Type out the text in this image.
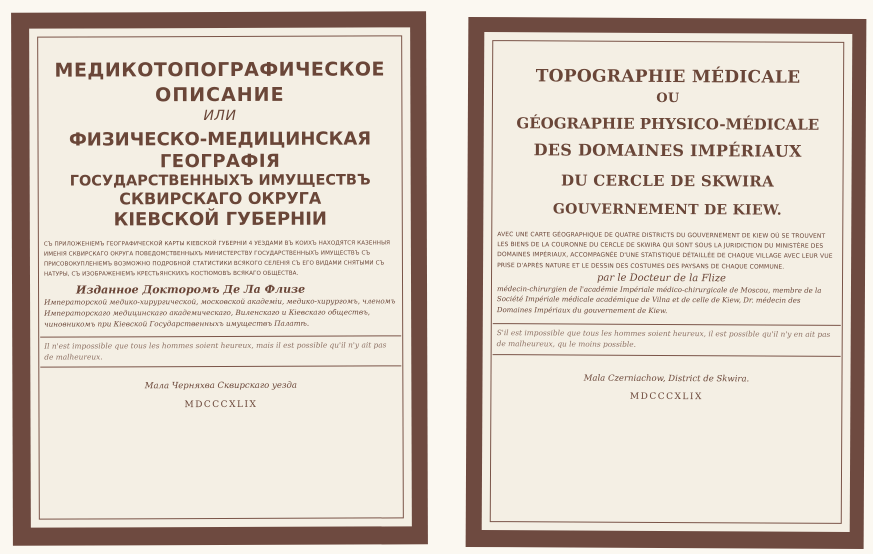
МЕДИКОТОПОГРАФИЧЕСКОЕ

ОПИСАНИЕ

ИЛИ

ФИЗИЧЕСКО-МЕДИЦИНСКАЯ

ГЕОГРАФІЯ

ГОСУДАРСТВЕННЫХЪ ИМУЩЕСТВЪ

СКВИРСКАГО ОКРУГА

КІЕВСКОЙ ГУБЕРНІИ

СЪ ПРИЛОЖЕНІЕМЪ ГЕОГРАФИЧЕСКОЙ КАРТЫ КІЕВСКОЙ ГУБЕРНІИ 4 УЕЗДАМИ ВЪ КОИХЪ НАХОДЯТСЯ КАЗЕННЫЯ ИМЕНІЯ СКВИРСКАГО ОКРУГА ПОВЕДОМСТВЕННЫХЪ МИНИСТЕРСТВУ ГОСУДАРСТВЕННЫХЪ ИМУЩЕСТВЪ СЪ ПРИСОВОКУПЛЕНІЕМЪ ВОЗМОЖНО ПОДРОБНОЙ СТАТИСТИКИ ВСЯКОГО СЕЛЕНІЯ СЪ ЕГО ВИДАМИ СНЯТЫМИ СЪ НАТУРЫ, СЪ ИЗОБРАЖЕНІЕМЪ КРЕСТЬЯНСКИХЪ КОСТЮМОВЪ ВСЯКАГО ОБЩЕСТВА.

Изданное Докторомъ Де Ла Флизе

Императорской медико-хирургической, московской академіи, медико-хирургомъ, членомъ Императорскаго медицинскаго академическаго, Виленскаго и Кіевскаго обществъ, чиновникомъ при Кіевской Государственныхъ имуществъ Палатѣ.

Il n'est impossible que tous les hommes soient heureux, mais il est possible qu'il n'y ait pas de malheureux.

Мала Черняхва Сквирскаго уезда

MDCCCXLIX

TOPOGRAPHIE MÉDICALE

OU

GÉOGRAPHIE PHYSICO-MÉDICALE

DES DOMAINES IMPÉRIAUX

DU CERCLE DE SKWIRA

GOUVERNEMENT DE KIEW.

AVEC UNE CARTE GÉOGRAPHIQUE DE QUATRE DISTRICTS DU GOUVERNEMENT DE KIEW OÙ SE TROUVENT LES BIENS DE LA COURONNE DU CERCLE DE SKWIRA QUI SONT SOUS LA JURIDICTION DU MINISTÈRE DES DOMAINES IMPÉRIAUX, ACCOMPAGNÉE D'UNE STATISTIQUE DÉTAILLÉE DE CHAQUE VILLAGE AVEC LEUR VUE PRISE D'APRÈS NATURE ET LE DESSIN DES COSTUMES DES PAYSANS DE CHAQUE COMMUNE.

par le Docteur de la Flize

médecin-chirurgien de l'académie Impériale médico-chirurgicale de Moscou, membre de la Société Impériale médicale académique de Vilna et de celle de Kiew, Dr. médecin des Domaines Impériaux du gouvernement de Kiew.

S'il est impossible que tous les hommes soient heureux, il est possible qu'il n'y en ait pas de malheureux, qu le moins possible.

Mala Czerniachow, District de Skwira.

MDCCCXLIX
